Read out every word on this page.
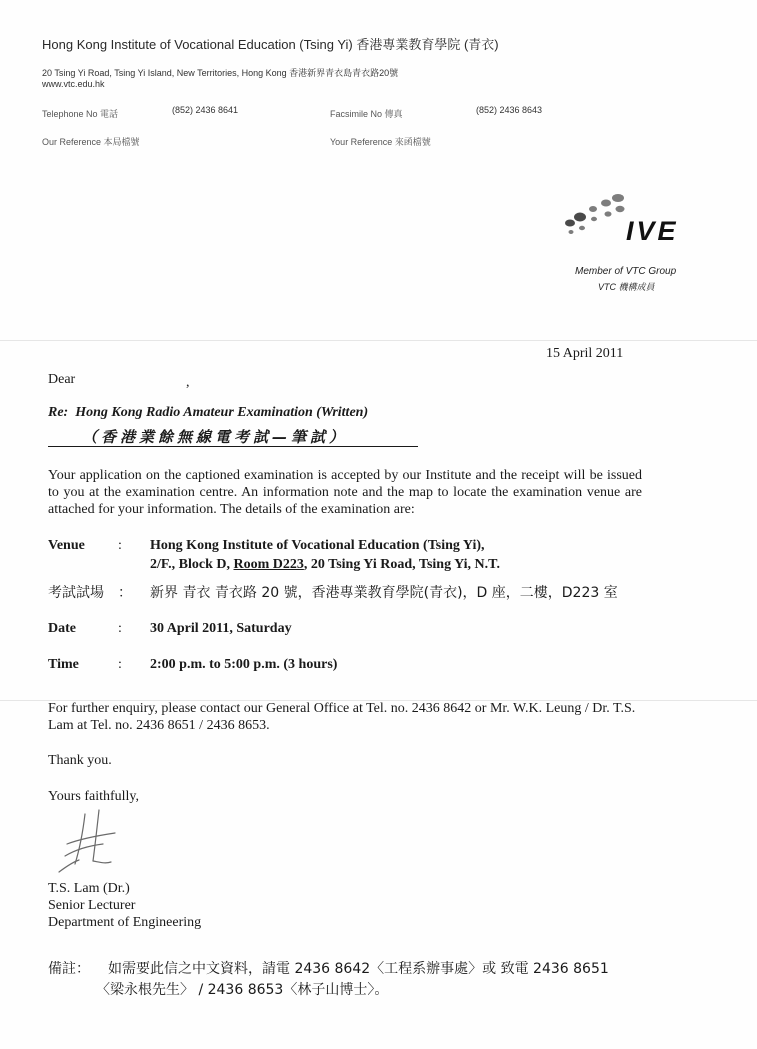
Hong Kong Institute of Vocational Education (Tsing Yi) 香港專業教育學院 (青衣)
20 Tsing Yi Road, Tsing Yi Island, New Territories, Hong Kong 香港新界青衣島青衣路20號
www.vtc.edu.hk
Telephone No 電話	(852) 2436 8641	Facsimile No 傳真	(852) 2436 8643
Our Reference 本局檔號	Your Reference 來函檔號
IVE
Member of VTC Group
VTC 機構成員
15 April 2011
Dear	,
Re: Hong Kong Radio Amateur Examination (Written)
（香港業餘無線電考試—筆試）
Your application on the captioned examination is accepted by our Institute and the receipt will be issued to you at the examination centre. An information note and the map to locate the examination venue are attached for your information. The details of the examination are:
Venue : Hong Kong Institute of Vocational Education (Tsing Yi),
2/F., Block D, Room D223, 20 Tsing Yi Road, Tsing Yi, N.T.
考試試場 ： 新界 青衣 青衣路 20 號，香港專業教育學院(青衣)，D 座，二樓，D223 室
Date	: 30 April 2011, Saturday
Time	: 2:00 p.m. to 5:00 p.m. (3 hours)
For further enquiry, please contact our General Office at Tel. no. 2436 8642 or Mr. W.K. Leung / Dr. T.S. Lam at Tel. no. 2436 8651 / 2436 8653.
Thank you.
Yours faithfully,
T.S. Lam (Dr.)
Senior Lecturer
Department of Engineering
備註： 如需要此信之中文資料，請電 2436 8642〈工程系辦事處〉或 致電 2436 8651
〈梁永根先生〉 / 2436 8653〈林子山博士〉。
